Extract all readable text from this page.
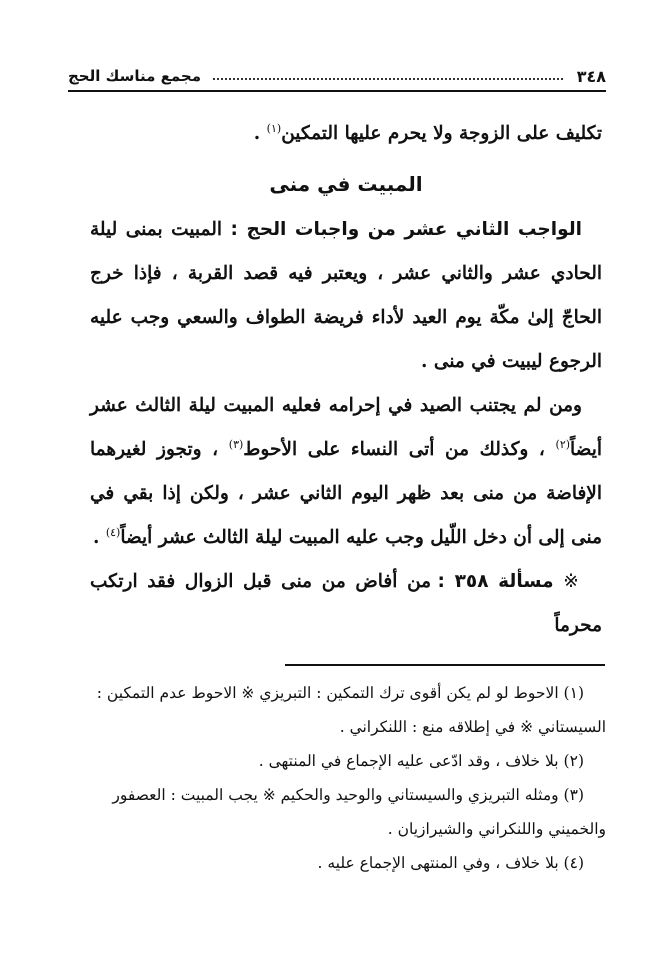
٣٤٨
مجمع مناسك الحج

تكليف على الزوجة ولا يحرم عليها التمكين$^{(١)}$ .

المبيت في منى

الواجب الثاني عشر من واجبات الحج : المبيت بمنى ليلة الحادي عشر والثاني عشر ، ويعتبر فيه قصد القربة ، فإذا خرج الحاجّ إلىٰ مكّة يوم العيد لأداء فريضة الطواف والسعي وجب عليه الرجوع ليبيت في منى .

ومن لم يجتنب الصيد في إحرامه فعليه المبيت ليلة الثالث عشر أيضاً$^{(٢)}$ ، وكذلك من أتى النساء على الأحوط$^{(٣)}$ ، وتجوز لغيرهما الإفاضة من منى بعد ظهر اليوم الثاني عشر ، ولكن إذا بقي في منى إلى أن دخل اللّيل وجب عليه المبيت ليلة الثالث عشر أيضاً$^{(٤)}$ .

※ مسألة ٣٥٨ : من أفاض من منى قبل الزوال فقد ارتكب محرماً

(١) الاحوط لو لم يكن أقوى ترك التمكين : التبريزي ※ الاحوط عدم التمكين : السيستاني ※ في إطلاقه منع : اللنكراني .

(٢) بلا خلاف ، وقد ادّعى عليه الإجماع في المنتهى .

(٣) ومثله التبريزي والسيستاني والوحيد والحكيم ※ يجب المبيت : العصفور والخميني واللنكراني والشيرازيان .

(٤) بلا خلاف ، وفي المنتهى الإجماع عليه .
